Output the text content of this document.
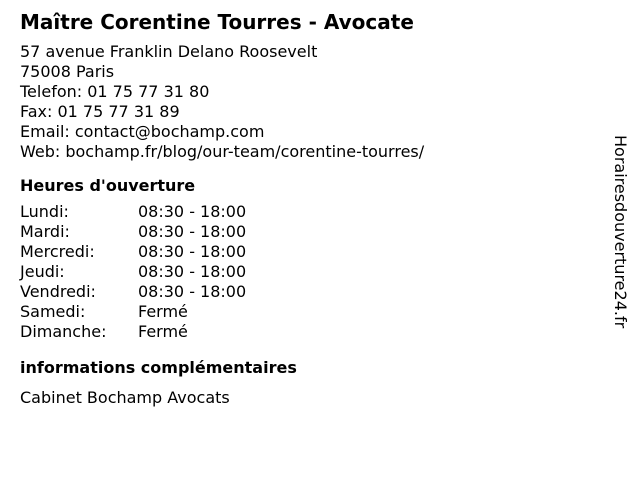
Maître Corentine Tourres - Avocate
57 avenue Franklin Delano Roosevelt
75008 Paris
Telefon: 01 75 77 31 80
Fax: 01 75 77 31 89
Email: contact@bochamp.com
Web: bochamp.fr/blog/our-team/corentine-tourres/
Heures d'ouverture
Lundi:	08:30 - 18:00
Mardi:	08:30 - 18:00
Mercredi:	08:30 - 18:00
Jeudi:	08:30 - 18:00
Vendredi:	08:30 - 18:00
Samedi:	Fermé
Dimanche:	Fermé
informations complémentaires
Cabinet Bochamp Avocats
Horairesdouverture24.fr
